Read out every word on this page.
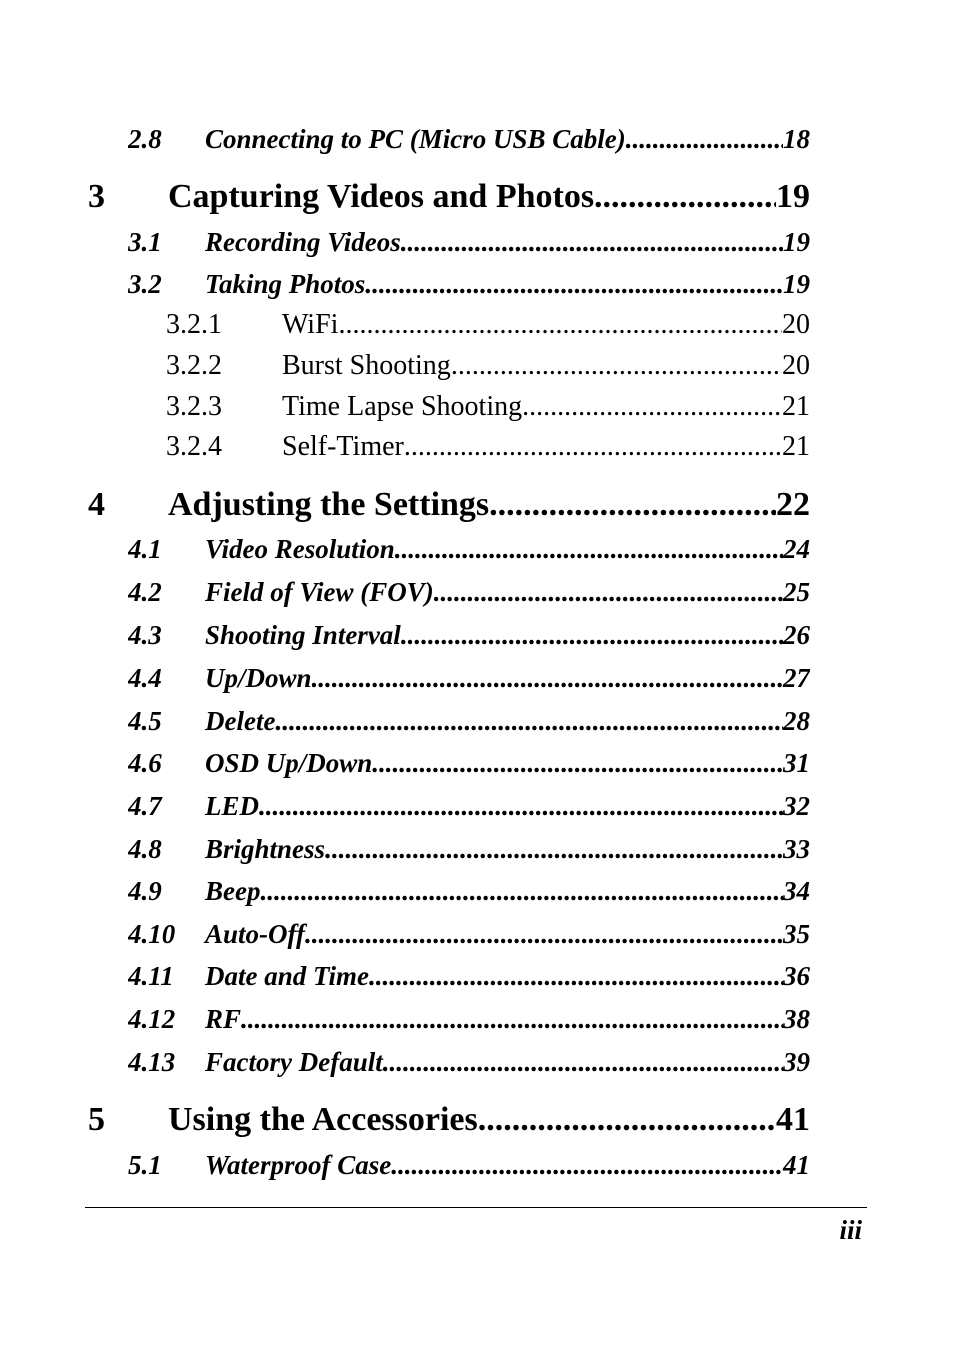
2.8	Connecting to PC (Micro USB Cable) .....	18
3	Capturing Videos and Photos .....	19
3.1	Recording Videos .....	19
3.2	Taking Photos .....	19
3.2.1	WiFi .....	20
3.2.2	Burst Shooting .....	20
3.2.3	Time Lapse Shooting .....	21
3.2.4	Self-Timer .....	21
4	Adjusting the Settings .....	22
4.1	Video Resolution .....	24
4.2	Field of View (FOV) .....	25
4.3	Shooting Interval .....	26
4.4	Up/Down .....	27
4.5	Delete .....	28
4.6	OSD Up/Down .....	31
4.7	LED .....	32
4.8	Brightness .....	33
4.9	Beep .....	34
4.10	Auto-Off .....	35
4.11	Date and Time .....	36
4.12	RF .....	38
4.13	Factory Default .....	39
5	Using the Accessories .....	41
5.1	Waterproof Case .....	41
iii
